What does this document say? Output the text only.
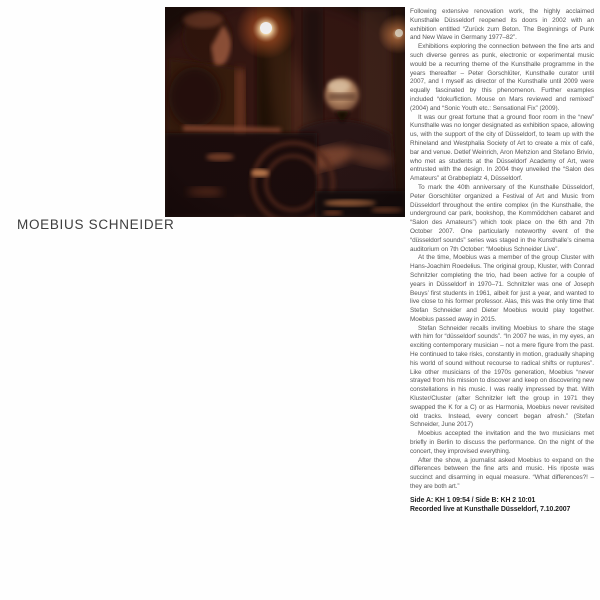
MOEBIUS SCHNEIDER

Following extensive renovation work, the highly acclaimed Kunsthalle Düsseldorf reopened its doors in 2002 with an exhibition entitled “Zurück zum Beton. The Beginnings of Punk and New Wave in Germany 1977–82”.

Exhibitions exploring the connection between the fine arts and such diverse genres as punk, electronic or experimental music would be a recurring theme of the Kunsthalle programme in the years thereafter – Peter Gorschlüter, Kunsthalle curator until 2007, and I myself as director of the Kunsthalle until 2009 were equally fascinated by this phenomenon. Further examples included “doku/fiction. Mouse on Mars reviewed and remixed” (2004) and “Sonic Youth etc.: Sensational Fix” (2009).

It was our great fortune that a ground floor room in the “new” Kunsthalle was no longer designated as exhibition space, allowing us, with the support of the city of Düsseldorf, to team up with the Rhineland and Westphalia Society of Art to create a mix of café, bar and venue. Detlef Weinrich, Aron Mehzion and Stefano Brivio, who met as students at the Düsseldorf Academy of Art, were entrusted with the design. In 2004 they unveiled the “Salon des Amateurs” at Grabbeplatz 4, Düsseldorf.

To mark the 40th anniversary of the Kunsthalle Düsseldorf, Peter Gorschlüter organized a Festival of Art and Music from Düsseldorf throughout the entire complex (in the Kunsthalle, the underground car park, bookshop, the Kommödchen cabaret and “Salon des Amateurs”) which took place on the 6th and 7th October 2007. One particularly noteworthy event of the “düsseldorf sounds” series was staged in the Kunsthalle’s cinema auditorium on 7th October: “Moebius Schneider Live”.

At the time, Moebius was a member of the group Cluster with Hans-Joachim Roedelius. The original group, Kluster, with Conrad Schnitzler completing the trio, had been active for a couple of years in Düsseldorf in 1970–71. Schnitzler was one of Joseph Beuys’ first students in 1961, albeit for just a year, and wanted to live close to his former professor. Alas, this was the only time that Stefan Schneider and Dieter Moebius would play together. Moebius passed away in 2015.

Stefan Schneider recalls inviting Moebius to share the stage with him for “düsseldorf sounds”. “In 2007 he was, in my eyes, an exciting contemporary musician – not a mere figure from the past. He continued to take risks, constantly in motion, gradually shaping his world of sound without recourse to radical shifts or ruptures”. Like other musicians of the 1970s generation, Moebius “never strayed from his mission to discover and keep on discovering new constellations in his music. I was really impressed by that. With Kluster/Cluster (after Schnitzler left the group in 1971 they swapped the K for a C) or as Harmonia, Moebius never revisited old tracks. Instead, every concert began afresh.” (Stefan Schneider, June 2017)

Moebius accepted the invitation and the two musicians met briefly in Berlin to discuss the performance. On the night of the concert, they improvised everything.

After the show, a journalist asked Moebius to expand on the differences between the fine arts and music. His riposte was succinct and disarming in equal measure. “What differences?! – they are both art.”

Side A: KH 1 09:54 / Side B: KH 2 10:01
Recorded live at Kunsthalle Düsseldorf, 7.10.2007
